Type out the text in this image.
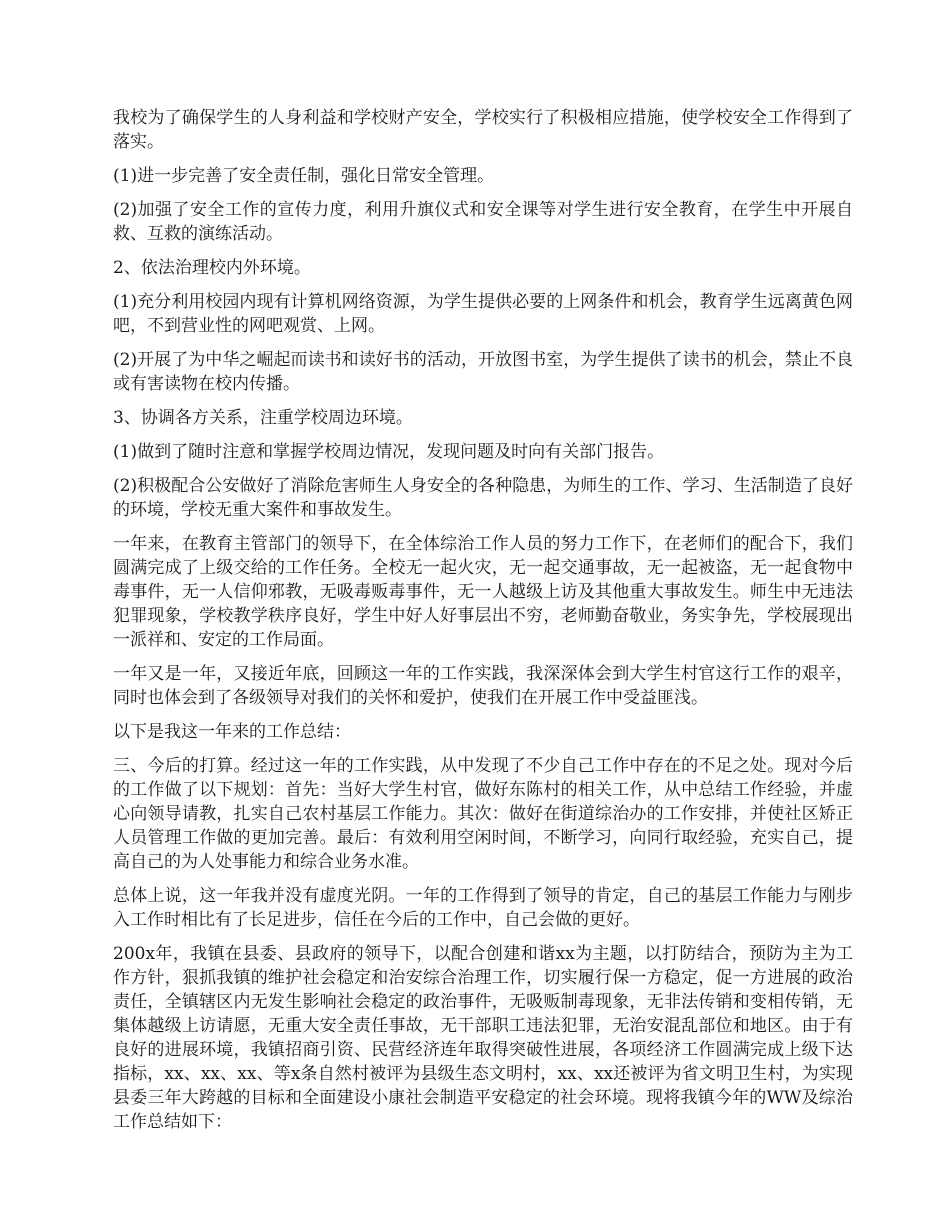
我校为了确保学生的人身利益和学校财产安全，学校实行了积极相应措施，使学校安全工作得到了落实。

(1)进一步完善了安全责任制，强化日常安全管理。

(2)加强了安全工作的宣传力度，利用升旗仪式和安全课等对学生进行安全教育，在学生中开展自救、互救的演练活动。

2、依法治理校内外环境。

(1)充分利用校园内现有计算机网络资源，为学生提供必要的上网条件和机会，教育学生远离黄色网吧，不到营业性的网吧观赏、上网。

(2)开展了为中华之崛起而读书和读好书的活动，开放图书室，为学生提供了读书的机会，禁止不良或有害读物在校内传播。

3、协调各方关系，注重学校周边环境。

(1)做到了随时注意和掌握学校周边情况，发现问题及时向有关部门报告。

(2)积极配合公安做好了消除危害师生人身安全的各种隐患，为师生的工作、学习、生活制造了良好的环境，学校无重大案件和事故发生。

一年来，在教育主管部门的领导下，在全体综治工作人员的努力工作下，在老师们的配合下，我们圆满完成了上级交给的工作任务。全校无一起火灾，无一起交通事故，无一起被盗，无一起食物中毒事件，无一人信仰邪教，无吸毒贩毒事件，无一人越级上访及其他重大事故发生。师生中无违法犯罪现象，学校教学秩序良好，学生中好人好事层出不穷，老师勤奋敬业，务实争先，学校展现出一派祥和、安定的工作局面。

一年又是一年，又接近年底，回顾这一年的工作实践，我深深体会到大学生村官这行工作的艰辛，同时也体会到了各级领导对我们的关怀和爱护，使我们在开展工作中受益匪浅。

以下是我这一年来的工作总结：

三、今后的打算。经过这一年的工作实践，从中发现了不少自己工作中存在的不足之处。现对今后的工作做了以下规划：首先：当好大学生村官，做好东陈村的相关工作，从中总结工作经验，并虚心向领导请教，扎实自己农村基层工作能力。其次：做好在街道综治办的工作安排，并使社区矫正人员管理工作做的更加完善。最后：有效利用空闲时间，不断学习，向同行取经验，充实自己，提高自己的为人处事能力和综合业务水准。

总体上说，这一年我并没有虚度光阴。一年的工作得到了领导的肯定，自己的基层工作能力与刚步入工作时相比有了长足进步，信任在今后的工作中，自己会做的更好。

200x年，我镇在县委、县政府的领导下，以配合创建和谐xx为主题，以打防结合，预防为主为工作方针，狠抓我镇的维护社会稳定和治安综合治理工作，切实履行保一方稳定，促一方进展的政治责任，全镇辖区内无发生影响社会稳定的政治事件，无吸贩制毒现象，无非法传销和变相传销，无集体越级上访请愿，无重大安全责任事故，无干部职工违法犯罪，无治安混乱部位和地区。由于有良好的进展环境，我镇招商引资、民营经济连年取得突破性进展，各项经济工作圆满完成上级下达指标，xx、xx、xx、等x条自然村被评为县级生态文明村，xx、xx还被评为省文明卫生村，为实现县委三年大跨越的目标和全面建设小康社会制造平安稳定的社会环境。现将我镇今年的WW及综治工作总结如下：
